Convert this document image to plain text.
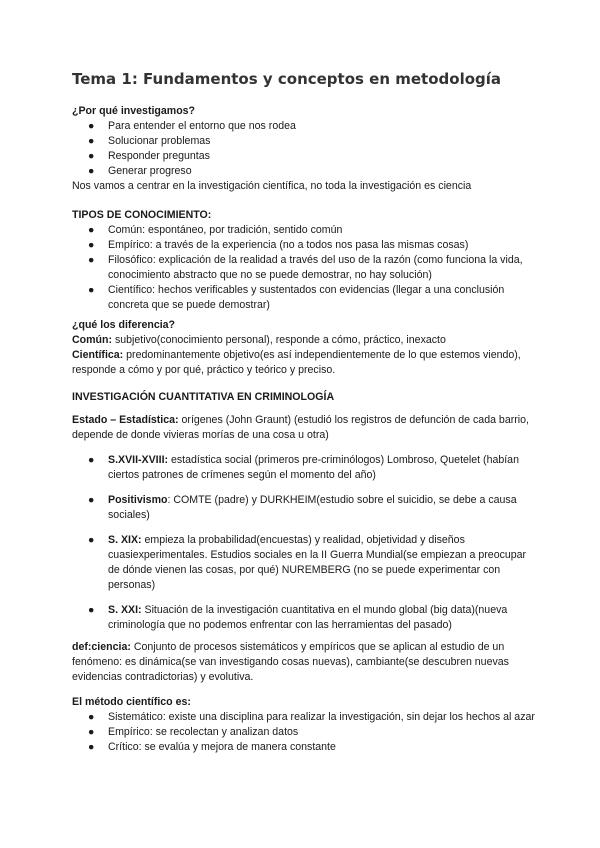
Tema 1: Fundamentos y conceptos en metodología

¿Por qué investigamos?

● Para entender el entorno que nos rodea
● Solucionar problemas
● Responder preguntas
● Generar progreso

Nos vamos a centrar en la investigación científica, no toda la investigación es ciencia

TIPOS DE CONOCIMIENTO:

● Común: espontáneo, por tradición, sentido común
● Empírico: a través de la experiencia (no a todos nos pasa las mismas cosas)
● Filosófico: explicación de la realidad a través del uso de la razón (como funciona la vida, conocimiento abstracto que no se puede demostrar, no hay solución)
● Científico: hechos verificables y sustentados con evidencias (llegar a una conclusión concreta que se puede demostrar)

¿qué los diferencia?

Común: subjetivo(conocimiento personal), responde a cómo, práctico, inexacto

Científica: predominantemente objetivo(es así independientemente de lo que estemos viendo), responde a cómo y por qué, práctico y teórico y preciso.

INVESTIGACIÓN CUANTITATIVA EN CRIMINOLOGÍA

Estado – Estadística: orígenes (John Graunt) (estudió los registros de defunción de cada barrio, depende de donde vivieras morías de una cosa u otra)

● S.XVII-XVIII: estadística social (primeros pre-criminólogos) Lombroso, Quetelet (habían ciertos patrones de crímenes según el momento del año)
● Positivismo: COMTE (padre) y DURKHEIM(estudio sobre el suicidio, se debe a causa sociales)
● S. XIX: empieza la probabilidad(encuestas) y realidad, objetividad y diseños cuasiexperimentales. Estudios sociales en la II Guerra Mundial(se empiezan a preocupar de dónde vienen las cosas, por qué) NUREMBERG (no se puede experimentar con personas)
● S. XXI: Situación de la investigación cuantitativa en el mundo global (big data)(nueva criminología que no podemos enfrentar con las herramientas del pasado)

def:ciencia: Conjunto de procesos sistemáticos y empíricos que se aplican al estudio de un fenómeno: es dinámica(se van investigando cosas nuevas), cambiante(se descubren nuevas evidencias contradictorias) y evolutiva.

El método científico es:

● Sistemático: existe una disciplina para realizar la investigación, sin dejar los hechos al azar
● Empírico: se recolectan y analizan datos
● Crítico: se evalúa y mejora de manera constante
